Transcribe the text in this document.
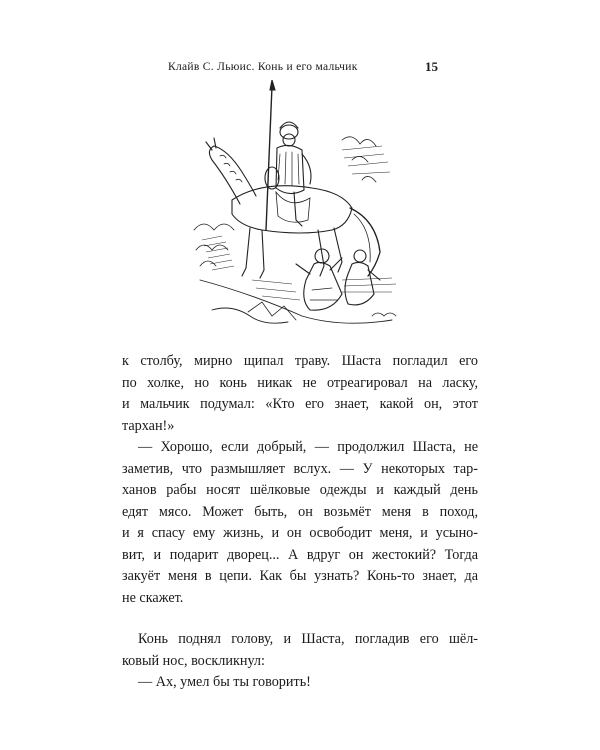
Клайв С. Льюис. Конь и его мальчик	15

к столбу, мирно щипал траву. Шаста погладил его
по холке, но конь никак не отреагировал на ласку,
и мальчик подумал: «Кто его знает, какой он, этот
тархан!»

— Хорошо, если добрый, — продолжил Шаста, не
заметив, что размышляет вслух. — У некоторых тар-
ханов рабы носят шёлковые одежды и каждый день
едят мясо. Может быть, он возьмёт меня в поход,
и я спасу ему жизнь, и он освободит меня, и усыно-
вит, и подарит дворец... А вдруг он жестокий? Тогда
закуёт меня в цепи. Как бы узнать? Конь-то знает, да
не скажет.

Конь поднял голову, и Шаста, погладив его шёл-
ковый нос, воскликнул:

— Ах, умел бы ты говорить!
